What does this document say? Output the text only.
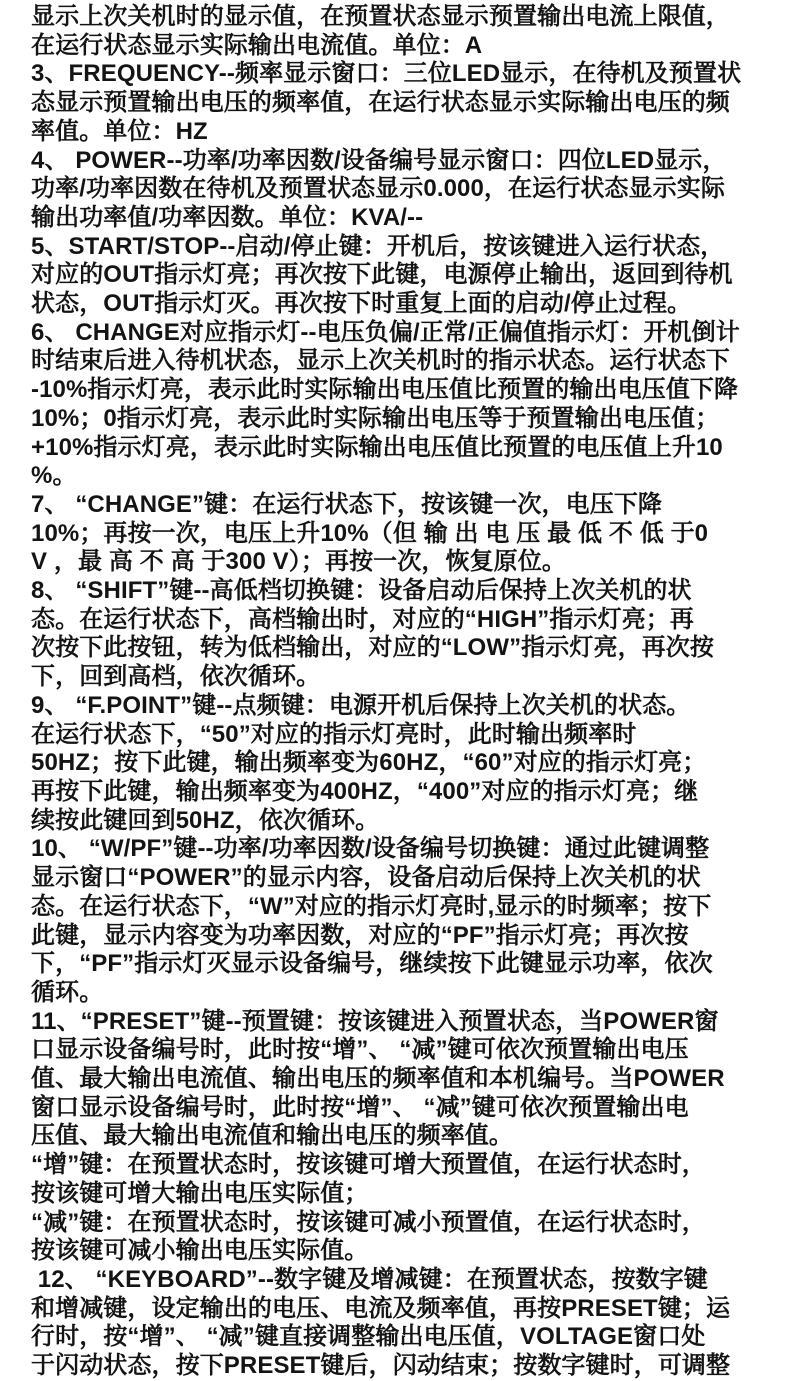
显示上次关机时的显示值，在预置状态显示预置输出电流上限值，
在运行状态显示实际输出电流值。单位：A
3、FREQUENCY--频率显示窗口：三位LED显示，在待机及预置状
态显示预置输出电压的频率值，在运行状态显示实际输出电压的频
率值。单位：HZ
4、 POWER--功率/功率因数/设备编号显示窗口：四位LED显示，
功率/功率因数在待机及预置状态显示0.000，在运行状态显示实际
输出功率值/功率因数。单位：KVA/--
5、START/STOP--启动/停止键：开机后，按该键进入运行状态，
对应的OUT指示灯亮；再次按下此键，电源停止输出，返回到待机
状态，OUT指示灯灭。再次按下时重复上面的启动/停止过程。
6、 CHANGE对应指示灯--电压负偏/正常/正偏值指示灯：开机倒计
时结束后进入待机状态，显示上次关机时的指示状态。运行状态下
-10%指示灯亮，表示此时实际输出电压值比预置的输出电压值下降
10%；0指示灯亮，表示此时实际输出电压等于预置输出电压值；
+10%指示灯亮，表示此时实际输出电压值比预置的电压值上升10
%。
7、 “CHANGE”键：在运行状态下，按该键一次，电压下降
10%；再按一次，电压上升10%（但 输 出 电 压 最 低 不 低 于0
V ，最 高 不 高 于300 V）；再按一次，恢复原位。
8、 “SHIFT”键--高低档切换键：设备启动后保持上次关机的状
态。在运行状态下，高档输出时，对应的“HIGH”指示灯亮；再
次按下此按钮，转为低档输出，对应的“LOW”指示灯亮，再次按
下，回到高档，依次循环。
9、 “F.POINT”键--点频键：电源开机后保持上次关机的状态。
在运行状态下，“50”对应的指示灯亮时，此时输出频率时
50HZ；按下此键，输出频率变为60HZ，“60”对应的指示灯亮；
再按下此键，输出频率变为400HZ，“400”对应的指示灯亮；继
续按此键回到50HZ，依次循环。
10、 “W/PF”键--功率/功率因数/设备编号切换键：通过此键调整
显示窗口“POWER”的显示内容，设备启动后保持上次关机的状
态。在运行状态下，“W”对应的指示灯亮时,显示的时频率；按下
此键，显示内容变为功率因数，对应的“PF”指示灯亮；再次按
下，“PF”指示灯灭显示设备编号，继续按下此键显示功率，依次
循环。
11、“PRESET”键--预置键：按该键进入预置状态，当POWER窗
口显示设备编号时，此时按“增”、 “减”键可依次预置输出电压
值、最大输出电流值、输出电压的频率值和本机编号。当POWER
窗口显示设备编号时，此时按“增”、 “减”键可依次预置输出电
压值、最大输出电流值和输出电压的频率值。
“增”键：在预置状态时，按该键可增大预置值，在运行状态时，
按该键可增大输出电压实际值；
“减”键：在预置状态时，按该键可减小预置值，在运行状态时，
按该键可减小输出电压实际值。
12、 “KEYBOARD”--数字键及增减键：在预置状态，按数字键
和增减键，设定输出的电压、电流及频率值，再按PRESET键；运
行时，按“增”、 “减”键直接调整输出电压值，VOLTAGE窗口处
于闪动状态，按下PRESET键后，闪动结束；按数字键时，可调整
